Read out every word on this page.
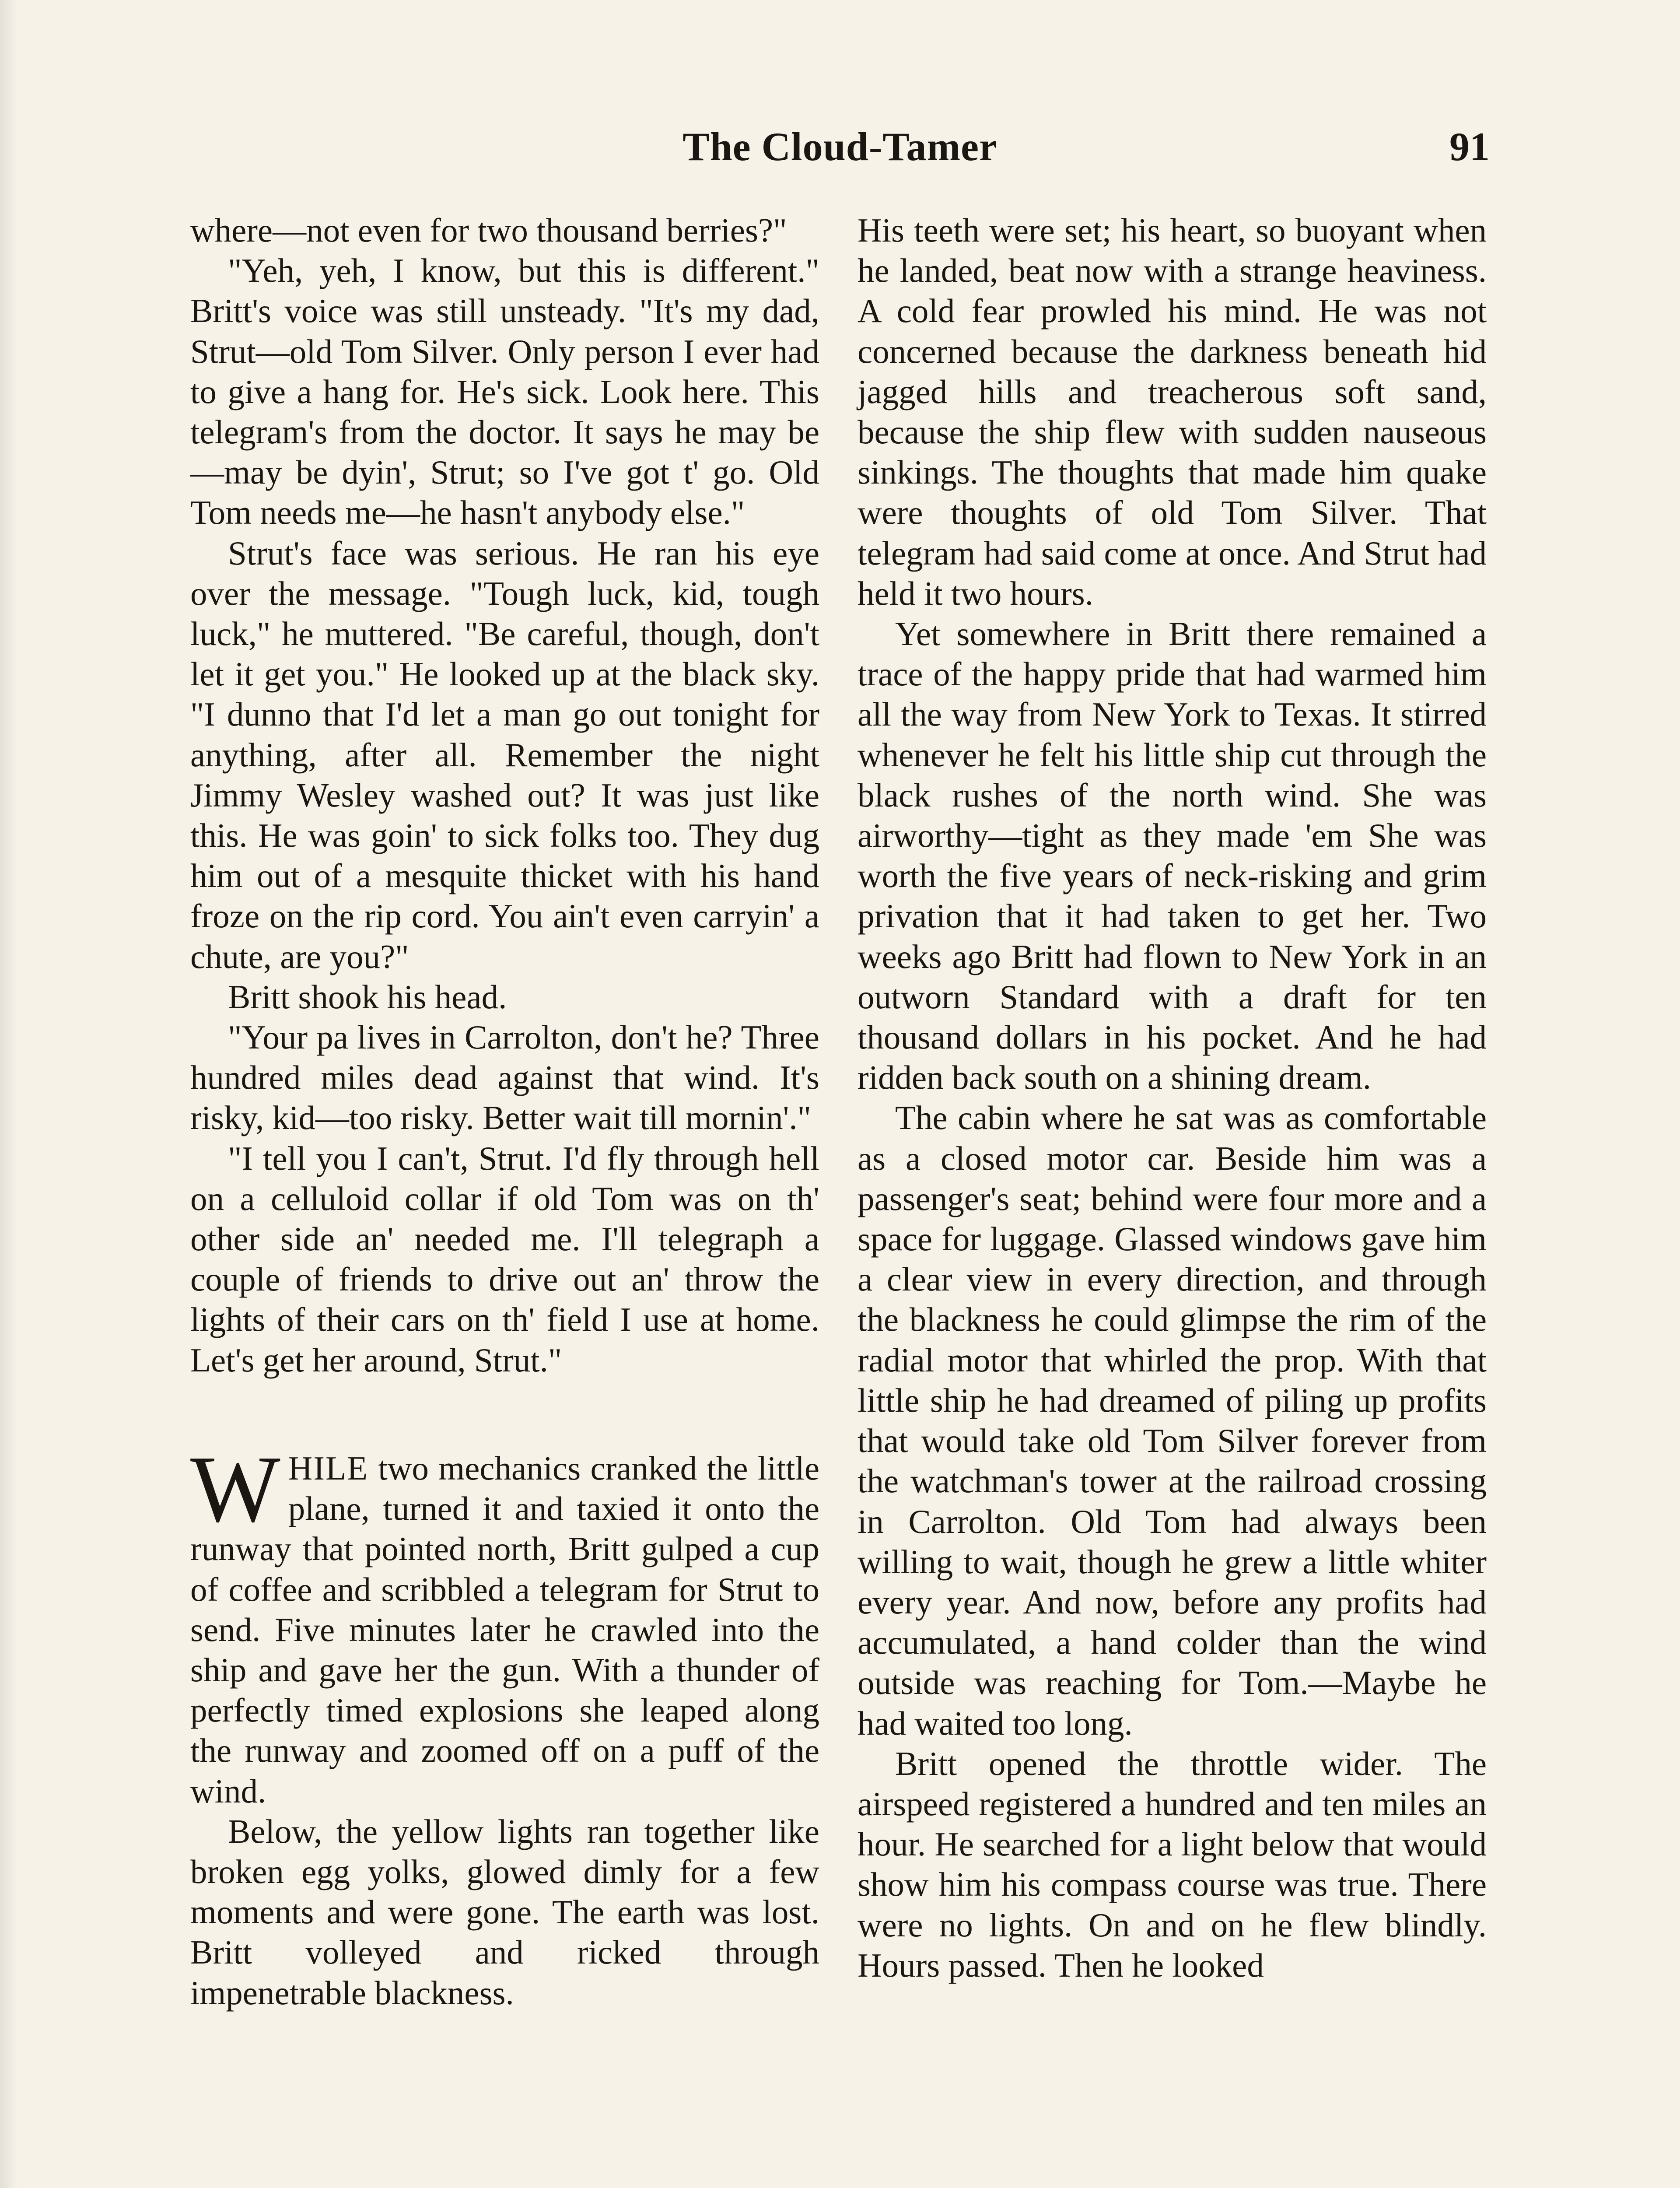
The Cloud-Tamer	91

where—not even for two thousand berries?"

"Yeh, yeh, I know, but this is different." Britt's voice was still unsteady. "It's my dad, Strut—old Tom Silver. Only person I ever had to give a hang for. He's sick. Look here. This telegram's from the doctor. It says he may be—may be dyin', Strut; so I've got t' go. Old Tom needs me—he hasn't anybody else."

Strut's face was serious. He ran his eye over the message. "Tough luck, kid, tough luck," he muttered. "Be careful, though, don't let it get you." He looked up at the black sky. "I dunno that I'd let a man go out tonight for anything, after all. Remember the night Jimmy Wesley washed out? It was just like this. He was goin' to sick folks too. They dug him out of a mesquite thicket with his hand froze on the rip cord. You ain't even carryin' a chute, are you?"

Britt shook his head.

"Your pa lives in Carrolton, don't he? Three hundred miles dead against that wind. It's risky, kid—too risky. Better wait till mornin'."

"I tell you I can't, Strut. I'd fly through hell on a celluloid collar if old Tom was on th' other side an' needed me. I'll telegraph a couple of friends to drive out an' throw the lights of their cars on th' field I use at home. Let's get her around, Strut."

WHILE two mechanics cranked the little plane, turned it and taxied it onto the runway that pointed north, Britt gulped a cup of coffee and scribbled a telegram for Strut to send. Five minutes later he crawled into the ship and gave her the gun. With a thunder of perfectly timed explosions she leaped along the runway and zoomed off on a puff of the wind.

Below, the yellow lights ran together like broken egg yolks, glowed dimly for a few moments and were gone. The earth was lost. Britt volleyed and ricked through impenetrable blackness.

His teeth were set; his heart, so buoyant when he landed, beat now with a strange heaviness. A cold fear prowled his mind. He was not concerned because the darkness beneath hid jagged hills and treacherous soft sand, because the ship flew with sudden nauseous sinkings. The thoughts that made him quake were thoughts of old Tom Silver. That telegram had said come at once. And Strut had held it two hours.

Yet somewhere in Britt there remained a trace of the happy pride that had warmed him all the way from New York to Texas. It stirred whenever he felt his little ship cut through the black rushes of the north wind. She was airworthy—tight as they made 'em She was worth the five years of neck-risking and grim privation that it had taken to get her. Two weeks ago Britt had flown to New York in an outworn Standard with a draft for ten thousand dollars in his pocket. And he had ridden back south on a shining dream.

The cabin where he sat was as comfortable as a closed motor car. Beside him was a passenger's seat; behind were four more and a space for luggage. Glassed windows gave him a clear view in every direction, and through the blackness he could glimpse the rim of the radial motor that whirled the prop. With that little ship he had dreamed of piling up profits that would take old Tom Silver forever from the watchman's tower at the railroad crossing in Carrolton. Old Tom had always been willing to wait, though he grew a little whiter every year. And now, before any profits had accumulated, a hand colder than the wind outside was reaching for Tom.—Maybe he had waited too long.

Britt opened the throttle wider. The airspeed registered a hundred and ten miles an hour. He searched for a light below that would show him his compass course was true. There were no lights. On and on he flew blindly. Hours passed. Then he looked
